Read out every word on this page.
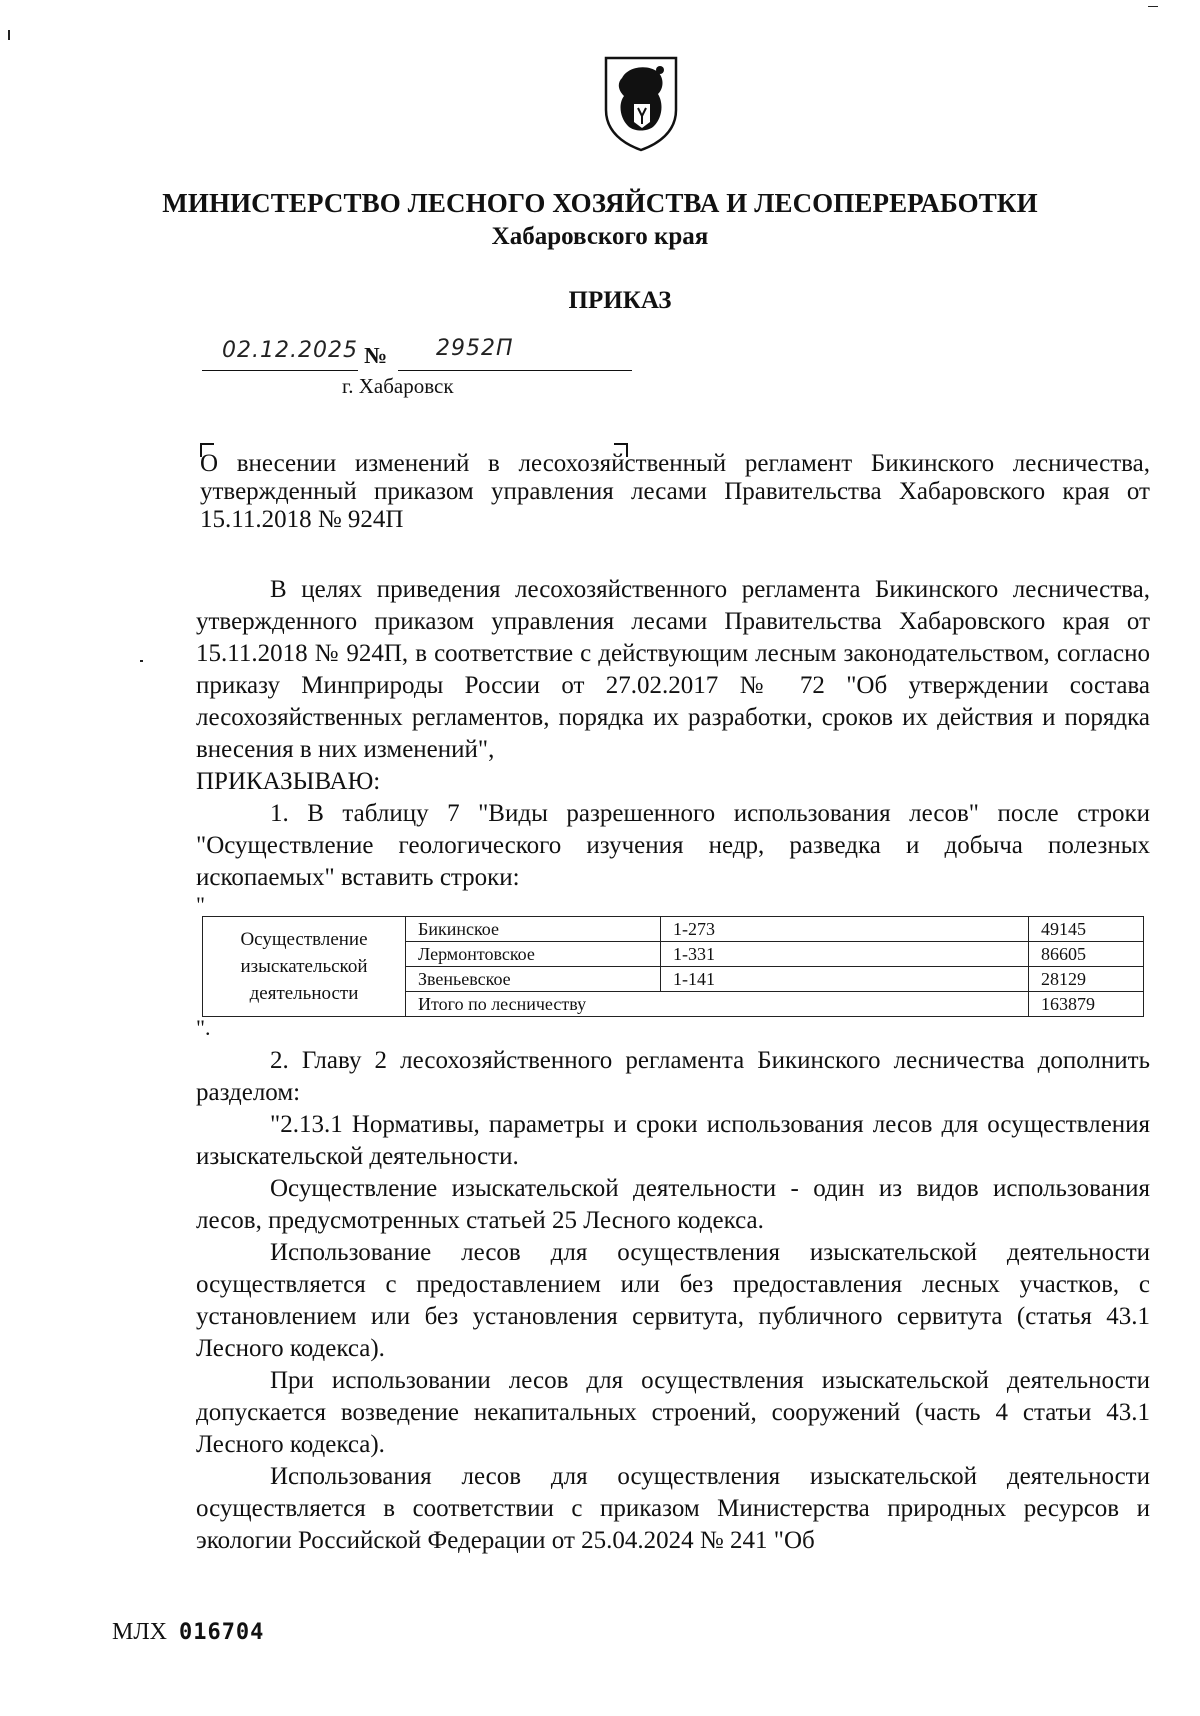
МИНИСТЕРСТВО ЛЕСНОГО ХОЗЯЙСТВА И ЛЕСОПЕРЕРАБОТКИ
Хабаровского края
ПРИКАЗ
02.12.2025 № 2952П
г. Хабаровск
О внесении изменений в лесохозяйственный регламент Бикинского лесничества, утвержденный приказом управления лесами Правительства Хабаровского края от 15.11.2018 № 924П

В целях приведения лесохозяйственного регламента Бикинского лесничества, утвержденного приказом управления лесами Правительства Хабаровского края от 15.11.2018 № 924П, в соответствие с действующим лесным законодательством, согласно приказу Минприроды России от 27.02.2017 № 72 "Об утверждении состава лесохозяйственных регламентов, порядка их разработки, сроков их действия и порядка внесения в них изменений",

ПРИКАЗЫВАЮ:

1. В таблицу 7 "Виды разрешенного использования лесов" после строки "Осуществление геологического изучения недр, разведка и добыча полезных ископаемых" вставить строки:

"
Осуществление изыскательской деятельности	Бикинское	1-273	49145
	Лермонтовское	1-331	86605
	Звеньевское	1-141	28129
	Итого по лесничеству		163879
".

2. Главу 2 лесохозяйственного регламента Бикинского лесничества дополнить разделом:

"2.13.1 Нормативы, параметры и сроки использования лесов для осуществления изыскательской деятельности.

Осуществление изыскательской деятельности - один из видов использования лесов, предусмотренных статьей 25 Лесного кодекса.

Использование лесов для осуществления изыскательской деятельности осуществляется с предоставлением или без предоставления лесных участков, с установлением или без установления сервитута, публичного сервитута (статья 43.1 Лесного кодекса).

При использовании лесов для осуществления изыскательской деятельности допускается возведение некапитальных строений, сооружений (часть 4 статьи 43.1 Лесного кодекса).

Использования лесов для осуществления изыскательской деятельности осуществляется в соответствии с приказом Министерства природных ресурсов и экологии Российской Федерации от 25.04.2024 № 241 "Об

МЛХ 016704
